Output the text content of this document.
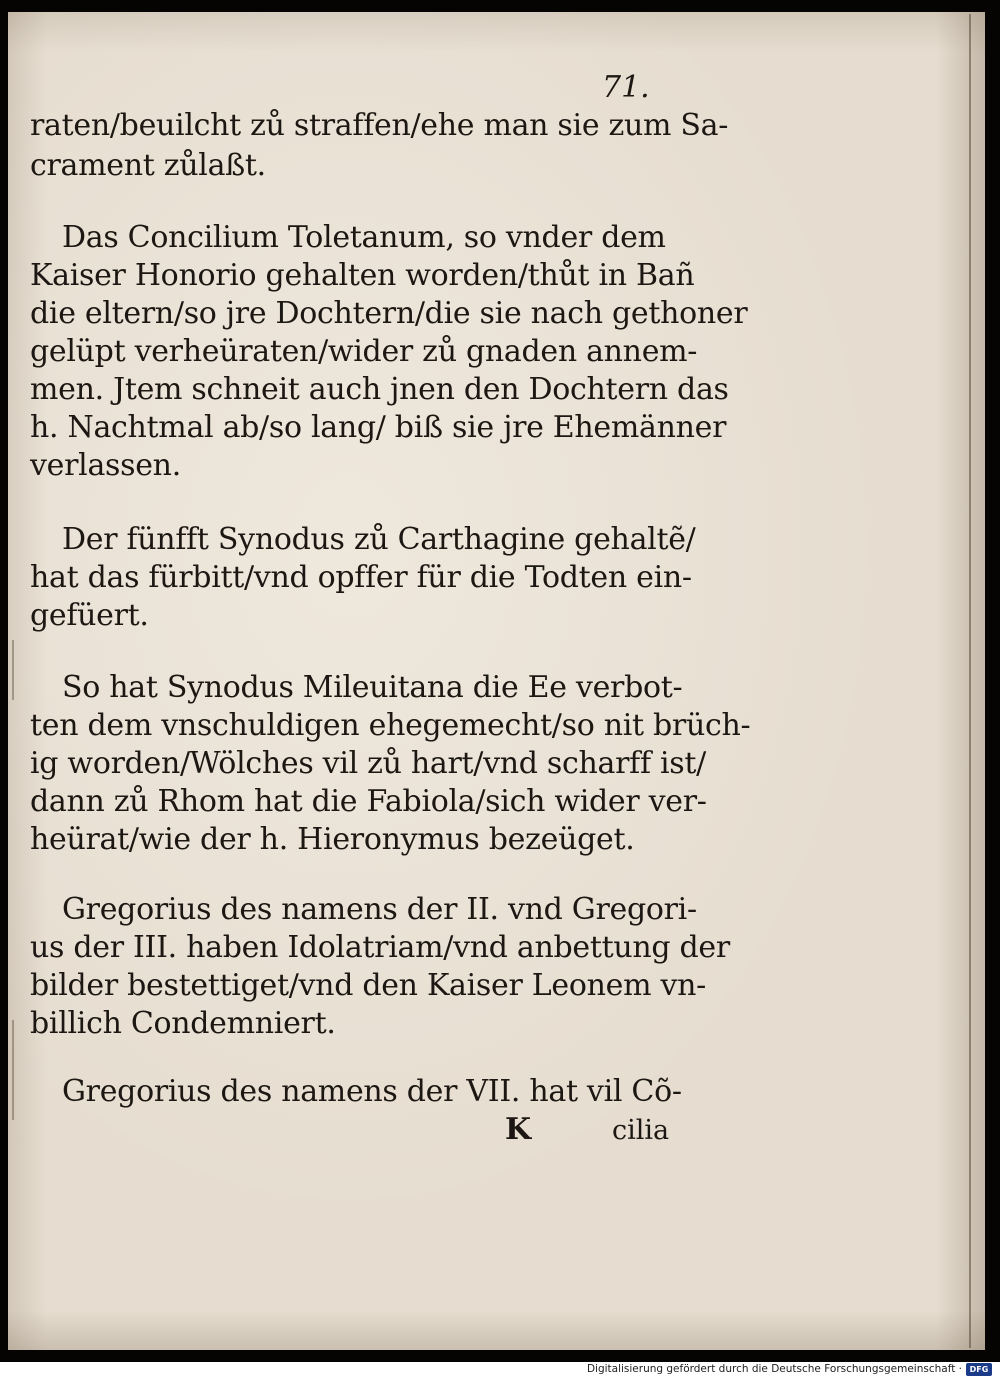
71.
raten/beuilcht zů straffen/ehe man sie zum Sa-
crament zůlaßt.
Das Concilium Toletanum, so vnder dem
Kaiser Honorio gehalten worden/thůt in Bañ
die eltern/so jre Dochtern/die sie nach gethoner
gelüpt verheüraten/wider zů gnaden annem-
men. Jtem schneit auch jnen den Dochtern das
h. Nachtmal ab/so lang/ biß sie jre Ehemänner
verlassen.
Der fünfft Synodus zů Carthagine gehaltẽ/
hat das fürbitt/vnd opffer für die Todten ein-
gefüert.
So hat Synodus Mileuitana die Ee verbot-
ten dem vnschuldigen ehegemecht/so nit brüch-
ig worden/Wölches vil zů hart/vnd scharff ist/
dann zů Rhom hat die Fabiola/sich wider ver-
heürat/wie der h. Hieronymus bezeüget.
Gregorius des namens der II. vnd Gregori-
us der III. haben Idolatriam/vnd anbettung der
bilder bestettiget/vnd den Kaiser Leonem vn-
billich Condemniert.
Gregorius des namens der VII. hat vil Cõ-
K	cilia
Digitalisierung gefördert durch die Deutsche Forschungsgemeinschaft · DFG
